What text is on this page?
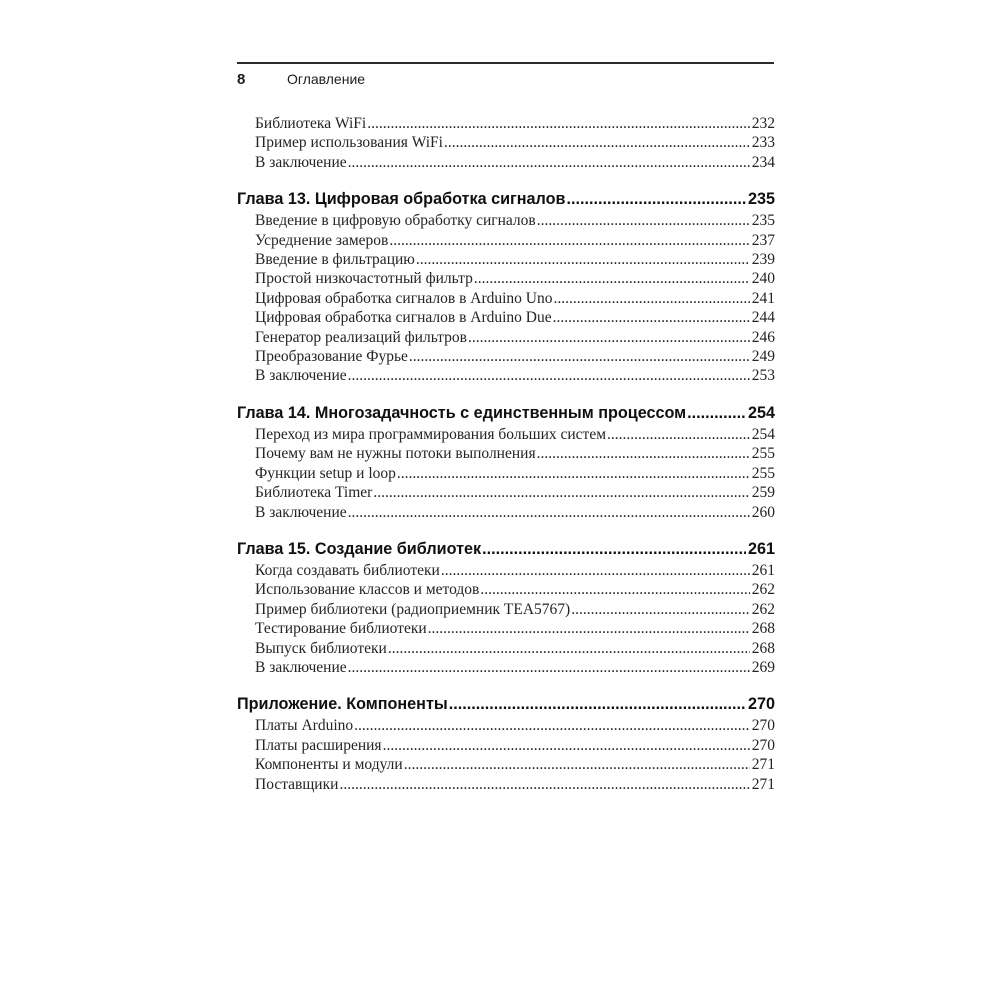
8	Оглавление
Библиотека WiFi .....	232
Пример использования WiFi .....	233
В заключение .....	234
Глава 13. Цифровая обработка сигналов .....	235
Введение в цифровую обработку сигналов .....	235
Усреднение замеров .....	237
Введение в фильтрацию .....	239
Простой низкочастотный фильтр .....	240
Цифровая обработка сигналов в Arduino Uno .....	241
Цифровая обработка сигналов в Arduino Due .....	244
Генератор реализаций фильтров .....	246
Преобразование Фурье .....	249
В заключение .....	253
Глава 14. Многозадачность с единственным процессом .....	254
Переход из мира программирования больших систем .....	254
Почему вам не нужны потоки выполнения .....	255
Функции setup и loop .....	255
Библиотека Timer .....	259
В заключение .....	260
Глава 15. Создание библиотек .....	261
Когда создавать библиотеки .....	261
Использование классов и методов .....	262
Пример библиотеки (радиоприемник TEA5767) .....	262
Тестирование библиотеки .....	268
Выпуск библиотеки .....	268
В заключение .....	269
Приложение. Компоненты .....	270
Платы Arduino .....	270
Платы расширения .....	270
Компоненты и модули .....	271
Поставщики .....	271
